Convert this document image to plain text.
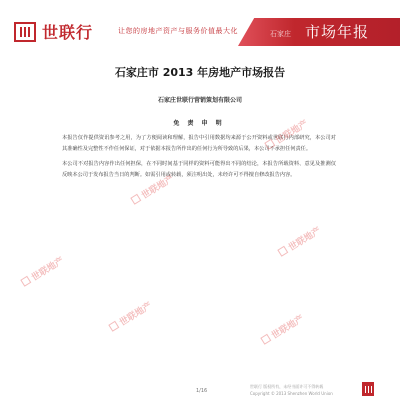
世联行	让您的房地产资产与服务价值最大化	石家庄 市场年报
石家庄市 2013 年房地产市场报告
石家庄世联行营销策划有限公司
免 责 申 明

本报告仅作提供资讯参考之用，为了方便阅读和理解，报告中引用数据均来源于公开资料或世联行内部研究，本公司对其准确性及完整性不作任何保证，对于依据本报告所作出的任何行为所导致的后果，本公司不承担任何责任。

本公司不对报告内容作出任何担保，在不同时间基于同样的资料可能得出不同的结论，本报告所载资料、意见及推测仅反映本公司于发布报告当日的判断。如需引用或转载，须注明出处，未经许可不得擅自修改报告内容。

世联地产
世联地产
世联地产
世联地产
世联地产	世联地产
1/16
世联行 版权所有，未经书面许可不得转载
Copyright © 2013 Shenzhen World Union
